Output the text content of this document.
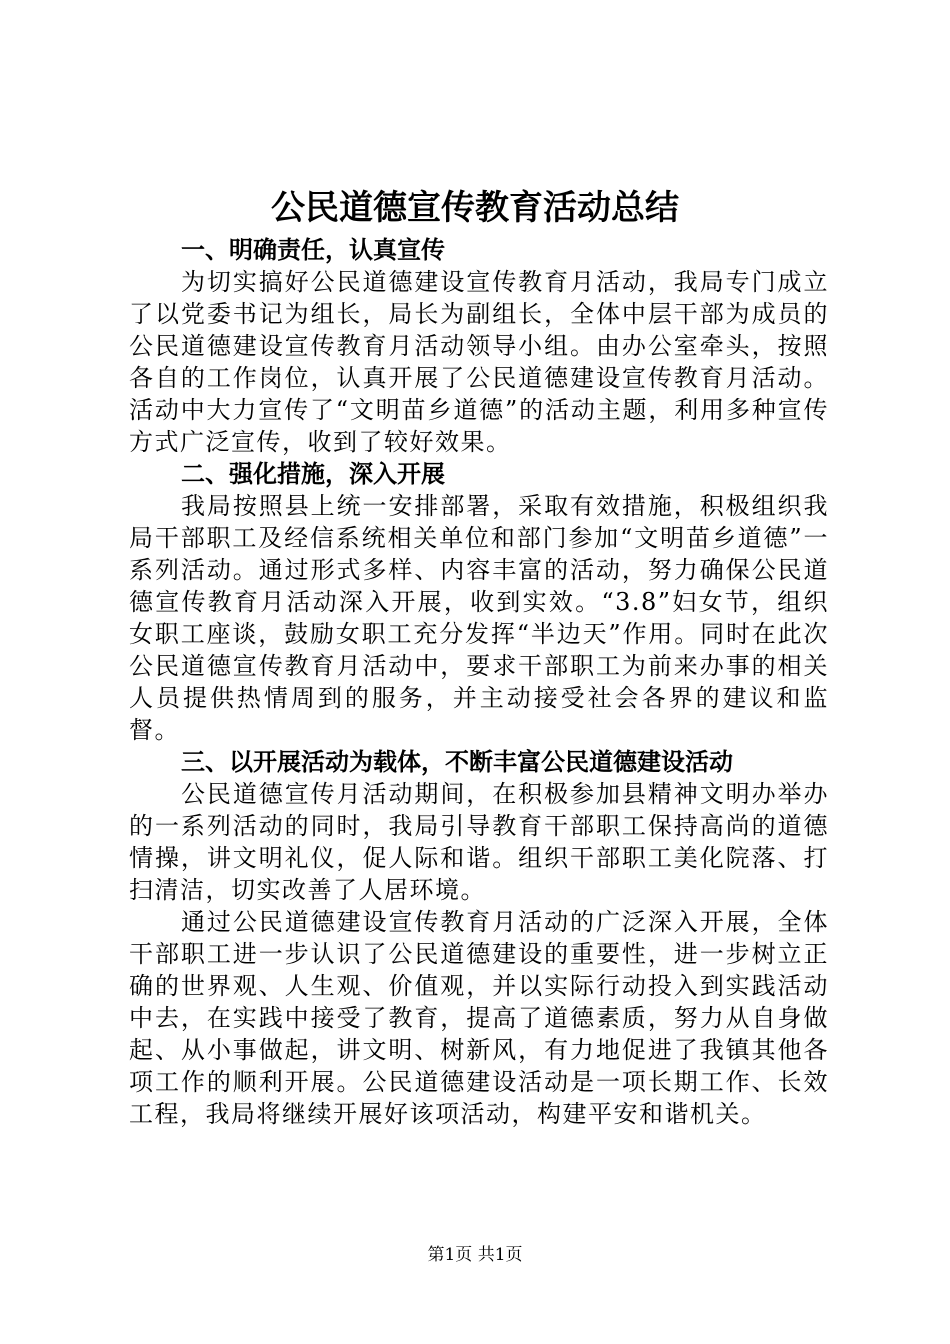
公民道德宣传教育活动总结
一、明确责任，认真宣传

为切实搞好公民道德建设宣传教育月活动，我局专门成立了以党委书记为组长，局长为副组长，全体中层干部为成员的公民道德建设宣传教育月活动领导小组。由办公室牵头，按照各自的工作岗位，认真开展了公民道德建设宣传教育月活动。活动中大力宣传了“文明苗乡道德”的活动主题，利用多种宣传方式广泛宣传，收到了较好效果。

二、强化措施，深入开展

我局按照县上统一安排部署，采取有效措施，积极组织我局干部职工及经信系统相关单位和部门参加“文明苗乡道德”一系列活动。通过形式多样、内容丰富的活动，努力确保公民道德宣传教育月活动深入开展，收到实效。“3.8”妇女节，组织女职工座谈，鼓励女职工充分发挥“半边天”作用。同时在此次公民道德宣传教育月活动中，要求干部职工为前来办事的相关人员提供热情周到的服务，并主动接受社会各界的建议和监督。

三、以开展活动为载体，不断丰富公民道德建设活动

公民道德宣传月活动期间，在积极参加县精神文明办举办的一系列活动的同时，我局引导教育干部职工保持高尚的道德情操，讲文明礼仪，促人际和谐。组织干部职工美化院落、打扫清洁，切实改善了人居环境。

通过公民道德建设宣传教育月活动的广泛深入开展，全体干部职工进一步认识了公民道德建设的重要性，进一步树立正确的世界观、人生观、价值观，并以实际行动投入到实践活动中去，在实践中接受了教育，提高了道德素质，努力从自身做起、从小事做起，讲文明、树新风，有力地促进了我镇其他各项工作的顺利开展。公民道德建设活动是一项长期工作、长效工程，我局将继续开展好该项活动，构建平安和谐机关。

第1页 共1页
